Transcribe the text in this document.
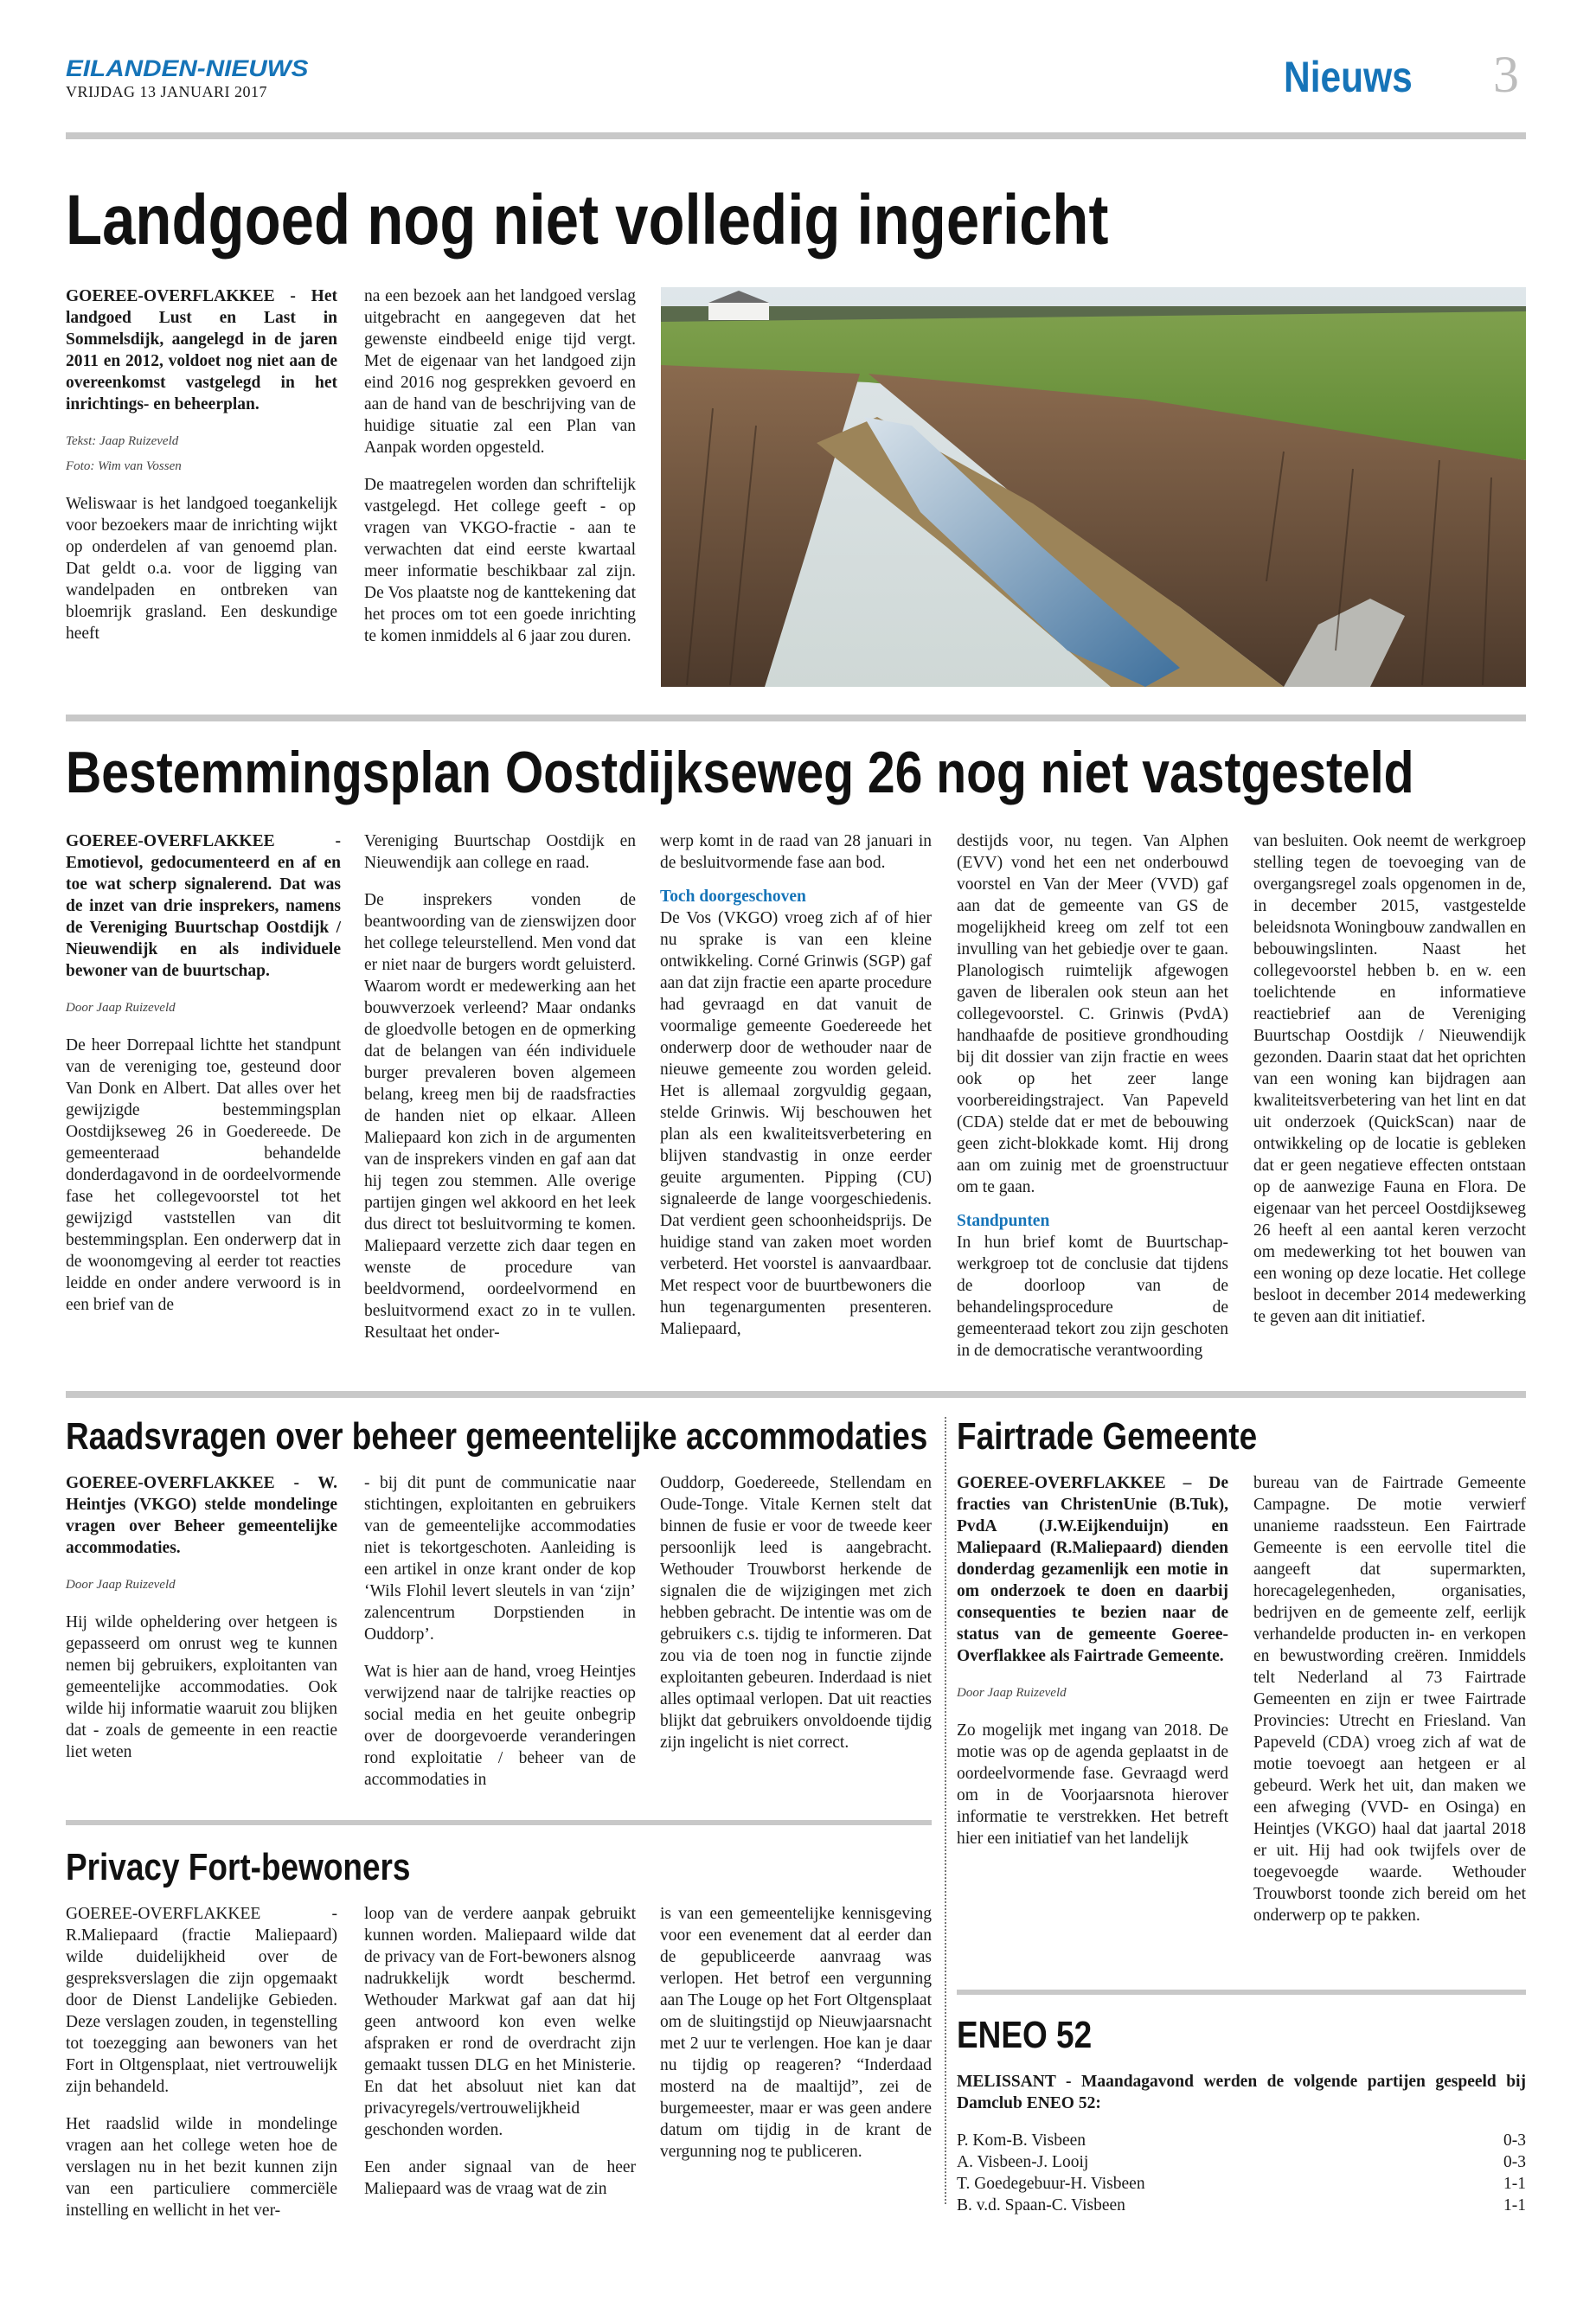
EILANDEN-NIEUWS
VRIJDAG 13 JANUARI 2017	Nieuws 3
Landgoed nog niet volledig ingericht

GOEREE-OVERFLAKKEE - Het landgoed Lust en Last in Sommelsdijk, aangelegd in de jaren 2011 en 2012, voldoet nog niet aan de overeenkomst vastgelegd in het inrichtings- en beheerplan.

Tekst: Jaap Ruizeveld
Foto: Wim van Vossen

Weliswaar is het landgoed toegankelijk voor bezoekers maar de inrichting wijkt op onderdelen af van genoemd plan. Dat geldt o.a. voor de ligging van wandelpaden en ontbreken van bloemrijk grasland. Een deskundige heeft

na een bezoek aan het landgoed verslag uitgebracht en aangegeven dat het gewenste eindbeeld enige tijd vergt. Met de eigenaar van het landgoed zijn eind 2016 nog gesprekken gevoerd en aan de hand van de beschrijving van de huidige situatie zal een Plan van Aanpak worden opgesteld.

De maatregelen worden dan schriftelijk vastgelegd. Het college geeft - op vragen van VKGO-fractie - aan te verwachten dat eind eerste kwartaal meer informatie beschikbaar zal zijn. De Vos plaatste nog de kanttekening dat het proces om tot een goede inrichting te komen inmiddels al 6 jaar zou duren.

Bestemmingsplan Oostdijkseweg 26 nog niet vastgesteld

GOEREE-OVERFLAKKEE - Emotievol, gedocumenteerd en af en toe wat scherp signalerend. Dat was de inzet van drie insprekers, namens de Vereniging Buurtschap Oostdijk / Nieuwendijk en als individuele bewoner van de buurtschap.

Door Jaap Ruizeveld

De heer Dorrepaal lichtte het standpunt van de vereniging toe, gesteund door Van Donk en Albert. Dat alles over het gewijzigde bestemmingsplan Oostdijkseweg 26 in Goedereede. De gemeenteraad behandelde donderdagavond in de oordeelvormende fase het collegevoorstel tot het gewijzigd vaststellen van dit bestemmingsplan. Een onderwerp dat in de woonomgeving al eerder tot reacties leidde en onder andere verwoord is in een brief van de

Vereniging Buurtschap Oostdijk en Nieuwendijk aan college en raad.

De insprekers vonden de beantwoording van de zienswijzen door het college teleurstellend. Men vond dat er niet naar de burgers wordt geluisterd. Waarom wordt er medewerking aan het bouwverzoek verleend? Maar ondanks de gloedvolle betogen en de opmerking dat de belangen van één individuele burger prevaleren boven algemeen belang, kreeg men bij de raadsfracties de handen niet op elkaar. Alleen Maliepaard kon zich in de argumenten van de insprekers vinden en gaf aan dat hij tegen zou stemmen. Alle overige partijen gingen wel akkoord en het leek dus direct tot besluitvorming te komen. Maliepaard verzette zich daar tegen en wenste de procedure van beeldvormend, oordeelvormend en besluitvormend exact zo in te vullen. Resultaat het onder-

werp komt in de raad van 28 januari in de besluitvormende fase aan bod.

Toch doorgeschoven

De Vos (VKGO) vroeg zich af of hier nu sprake is van een kleine ontwikkeling. Corné Grinwis (SGP) gaf aan dat zijn fractie een aparte procedure had gevraagd en dat vanuit de voormalige gemeente Goedereede het onderwerp door de wethouder naar de nieuwe gemeente zou worden geleid. Het is allemaal zorgvuldig gegaan, stelde Grinwis. Wij beschouwen het plan als een kwaliteitsverbetering en blijven standvastig in onze eerder geuite argumenten. Pipping (CU) signaleerde de lange voorgeschiedenis. Dat verdient geen schoonheidsprijs. De huidige stand van zaken moet worden verbeterd. Het voorstel is aanvaardbaar. Met respect voor de buurtbewoners die hun tegenargumenten presenteren. Maliepaard,

destijds voor, nu tegen. Van Alphen (EVV) vond het een net onderbouwd voorstel en Van der Meer (VVD) gaf aan dat de gemeente van GS de mogelijkheid kreeg om zelf tot een invulling van het gebiedje over te gaan. Planologisch ruimtelijk afgewogen gaven de liberalen ook steun aan het collegevoorstel. C. Grinwis (PvdA) handhaafde de positieve grondhouding bij dit dossier van zijn fractie en wees ook op het zeer lange voorbereidingstraject. Van Papeveld (CDA) stelde dat er met de bebouwing geen zicht-blokkade komt. Hij drong aan om zuinig met de groenstructuur om te gaan.

Standpunten

In hun brief komt de Buurtschap-werkgroep tot de conclusie dat tijdens de doorloop van de behandelingsprocedure de gemeenteraad tekort zou zijn geschoten in de democratische verantwoording

van besluiten. Ook neemt de werkgroep stelling tegen de toevoeging van de overgangsregel zoals opgenomen in de, in december 2015, vastgestelde beleidsnota Woningbouw zandwallen en bebouwingslinten. Naast het collegevoorstel hebben b. en w. een toelichtende en informatieve reactiebrief aan de Vereniging Buurtschap Oostdijk / Nieuwendijk gezonden. Daarin staat dat het oprichten van een woning kan bijdragen aan kwaliteitsverbetering van het lint en dat uit onderzoek (QuickScan) naar de ontwikkeling op de locatie is gebleken dat er geen negatieve effecten ontstaan op de aanwezige Fauna en Flora. De eigenaar van het perceel Oostdijkseweg 26 heeft al een aantal keren verzocht om medewerking tot het bouwen van een woning op deze locatie. Het college besloot in december 2014 medewerking te geven aan dit initiatief.

Raadsvragen over beheer gemeentelijke accommodaties

GOEREE-OVERFLAKKEE - W. Heintjes (VKGO) stelde mondelinge vragen over Beheer gemeentelijke accommodaties.

Door Jaap Ruizeveld

Hij wilde opheldering over hetgeen is gepasseerd om onrust weg te kunnen nemen bij gebruikers, exploitanten van gemeentelijke accommodaties. Ook wilde hij informatie waaruit zou blijken dat - zoals de gemeente in een reactie liet weten

- bij dit punt de communicatie naar stichtingen, exploitanten en gebruikers van de gemeentelijke accommodaties niet is tekortgeschoten. Aanleiding is een artikel in onze krant onder de kop ‘Wils Flohil levert sleutels in van ‘zijn’ zalencentrum Dorpstienden in Ouddorp’.

Wat is hier aan de hand, vroeg Heintjes verwijzend naar de talrijke reacties op social media en het geuite onbegrip over de doorgevoerde veranderingen rond exploitatie / beheer van de accommodaties in

Ouddorp, Goedereede, Stellendam en Oude-Tonge. Vitale Kernen stelt dat binnen de fusie er voor de tweede keer persoonlijk leed is aangebracht. Wethouder Trouwborst herkende de signalen die de wijzigingen met zich hebben gebracht. De intentie was om de gebruikers c.s. tijdig te informeren. Dat zou via de toen nog in functie zijnde exploitanten gebeuren. Inderdaad is niet alles optimaal verlopen. Dat uit reacties blijkt dat gebruikers onvoldoende tijdig zijn ingelicht is niet correct.

Fairtrade Gemeente

GOEREE-OVERFLAKKEE – De fracties van ChristenUnie (B.Tuk), PvdA (J.W.Eijkenduijn) en Maliepaard (R.Maliepaard) dienden donderdag gezamenlijk een motie in om onderzoek te doen en daarbij consequenties te bezien naar de status van de gemeente Goeree-Overflakkee als Fairtrade Gemeente.

Door Jaap Ruizeveld

Zo mogelijk met ingang van 2018. De motie was op de agenda geplaatst in de oordeelvormende fase. Gevraagd werd om in de Voorjaarsnota hierover informatie te verstrekken. Het betreft hier een initiatief van het landelijk

bureau van de Fairtrade Gemeente Campagne. De motie verwierf unanieme raadssteun. Een Fairtrade Gemeente is een eervolle titel die aangeeft dat supermarkten, horecagelegenheden, organisaties, bedrijven en de gemeente zelf, eerlijk verhandelde producten in- en verkopen en bewustwording creëren. Inmiddels telt Nederland al 73 Fairtrade Gemeenten en zijn er twee Fairtrade Provincies: Utrecht en Friesland. Van Papeveld (CDA) vroeg zich af wat de motie toevoegt aan hetgeen er al gebeurd. Werk het uit, dan maken we een afweging (VVD- en Osinga) en Heintjes (VKGO) haal dat jaartal 2018 er uit. Hij had ook twijfels over de toegevoegde waarde. Wethouder Trouwborst toonde zich bereid om het onderwerp op te pakken.

Privacy Fort-bewoners

GOEREE-OVERFLAKKEE - R.Maliepaard (fractie Maliepaard) wilde duidelijkheid over de gespreksverslagen die zijn opgemaakt door de Dienst Landelijke Gebieden. Deze verslagen zouden, in tegenstelling tot toezegging aan bewoners van het Fort in Oltgensplaat, niet vertrouwelijk zijn behandeld.

Het raadslid wilde in mondelinge vragen aan het college weten hoe de verslagen nu in het bezit kunnen zijn van een particuliere commerciële instelling en wellicht in het ver-

loop van de verdere aanpak gebruikt kunnen worden. Maliepaard wilde dat de privacy van de Fort-bewoners alsnog nadrukkelijk wordt beschermd. Wethouder Markwat gaf aan dat hij geen antwoord kon even welke afspraken er rond de overdracht zijn gemaakt tussen DLG en het Ministerie. En dat het absoluut niet kan dat privacyregels/vertrouwelijkheid geschonden worden.

Een ander signaal van de heer Maliepaard was de vraag wat de zin

is van een gemeentelijke kennisgeving voor een evenement dat al eerder dan de gepubliceerde aanvraag was verlopen. Het betrof een vergunning aan The Louge op het Fort Oltgensplaat om de sluitingstijd op Nieuwjaarsnacht met 2 uur te verlengen. Hoe kan je daar nu tijdig op reageren? “Inderdaad mosterd na de maaltijd”, zei de burgemeester, maar er was geen andere datum om tijdig in de krant de vergunning nog te publiceren.

ENEO 52

MELISSANT - Maandagavond werden de volgende partijen gespeeld bij Damclub ENEO 52:

P. Kom-B. Visbeen	0-3
A. Visbeen-J. Looij	0-3
T. Goedegebuur-H. Visbeen	1-1
B. v.d. Spaan-C. Visbeen	1-1
